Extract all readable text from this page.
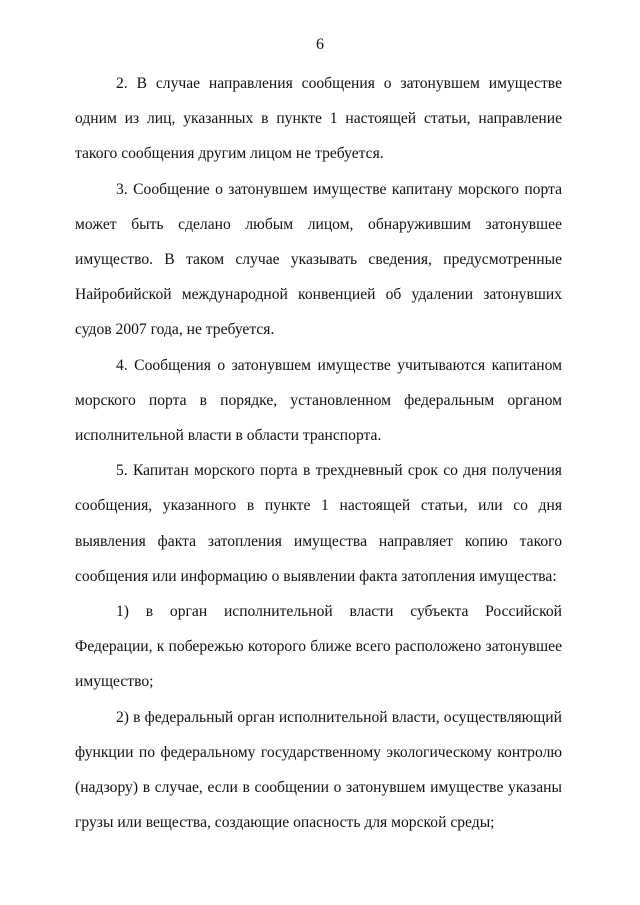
6

2. В случае направления сообщения о затонувшем имуществе одним из лиц, указанных в пункте 1 настоящей статьи, направление такого сообщения другим лицом не требуется.

3. Сообщение о затонувшем имуществе капитану морского порта может быть сделано любым лицом, обнаружившим затонувшее имущество. В таком случае указывать сведения, предусмотренные Найробийской международной конвенцией об удалении затонувших судов 2007 года, не требуется.

4. Сообщения о затонувшем имуществе учитываются капитаном морского порта в порядке, установленном федеральным органом исполнительной власти в области транспорта.

5. Капитан морского порта в трехдневный срок со дня получения сообщения, указанного в пункте 1 настоящей статьи, или со дня выявления факта затопления имущества направляет копию такого сообщения или информацию о выявлении факта затопления имущества:

1) в орган исполнительной власти субъекта Российской Федерации, к побережью которого ближе всего расположено затонувшее имущество;

2) в федеральный орган исполнительной власти, осуществляющий функции по федеральному государственному экологическому контролю (надзору) в случае, если в сообщении о затонувшем имуществе указаны грузы или вещества, создающие опасность для морской среды;
